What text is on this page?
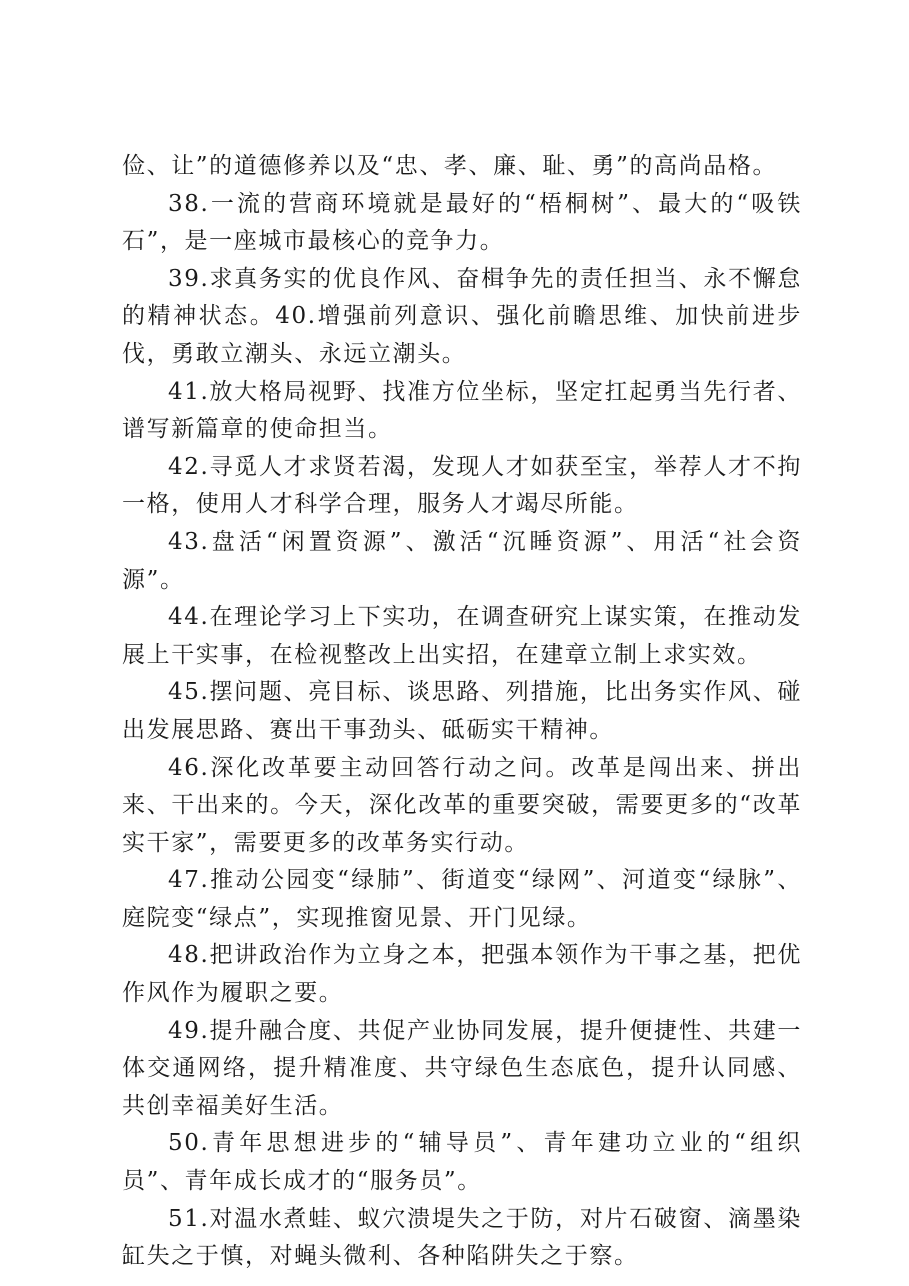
俭、让”的道德修养以及“忠、孝、廉、耻、勇”的高尚品格。

38.一流的营商环境就是最好的“梧桐树”、最大的“吸铁石”，是一座城市最核心的竞争力。

39.求真务实的优良作风、奋楫争先的责任担当、永不懈怠的精神状态。40.增强前列意识、强化前瞻思维、加快前进步伐，勇敢立潮头、永远立潮头。

41.放大格局视野、找准方位坐标，坚定扛起勇当先行者、谱写新篇章的使命担当。

42.寻觅人才求贤若渴，发现人才如获至宝，举荐人才不拘一格，使用人才科学合理，服务人才竭尽所能。

43.盘活“闲置资源”、激活“沉睡资源”、用活“社会资源”。

44.在理论学习上下实功，在调查研究上谋实策，在推动发展上干实事，在检视整改上出实招，在建章立制上求实效。

45.摆问题、亮目标、谈思路、列措施，比出务实作风、碰出发展思路、赛出干事劲头、砥砺实干精神。

46.深化改革要主动回答行动之问。改革是闯出来、拼出来、干出来的。今天，深化改革的重要突破，需要更多的“改革实干家”，需要更多的改革务实行动。

47.推动公园变“绿肺”、街道变“绿网”、河道变“绿脉”、庭院变“绿点”，实现推窗见景、开门见绿。

48.把讲政治作为立身之本，把强本领作为干事之基，把优作风作为履职之要。

49.提升融合度、共促产业协同发展，提升便捷性、共建一体交通网络，提升精准度、共守绿色生态底色，提升认同感、共创幸福美好生活。

50.青年思想进步的“辅导员”、青年建功立业的“组织员”、青年成长成才的“服务员”。

51.对温水煮蛙、蚁穴溃堤失之于防，对片石破窗、滴墨染缸失之于慎，对蝇头微利、各种陷阱失之于察。
